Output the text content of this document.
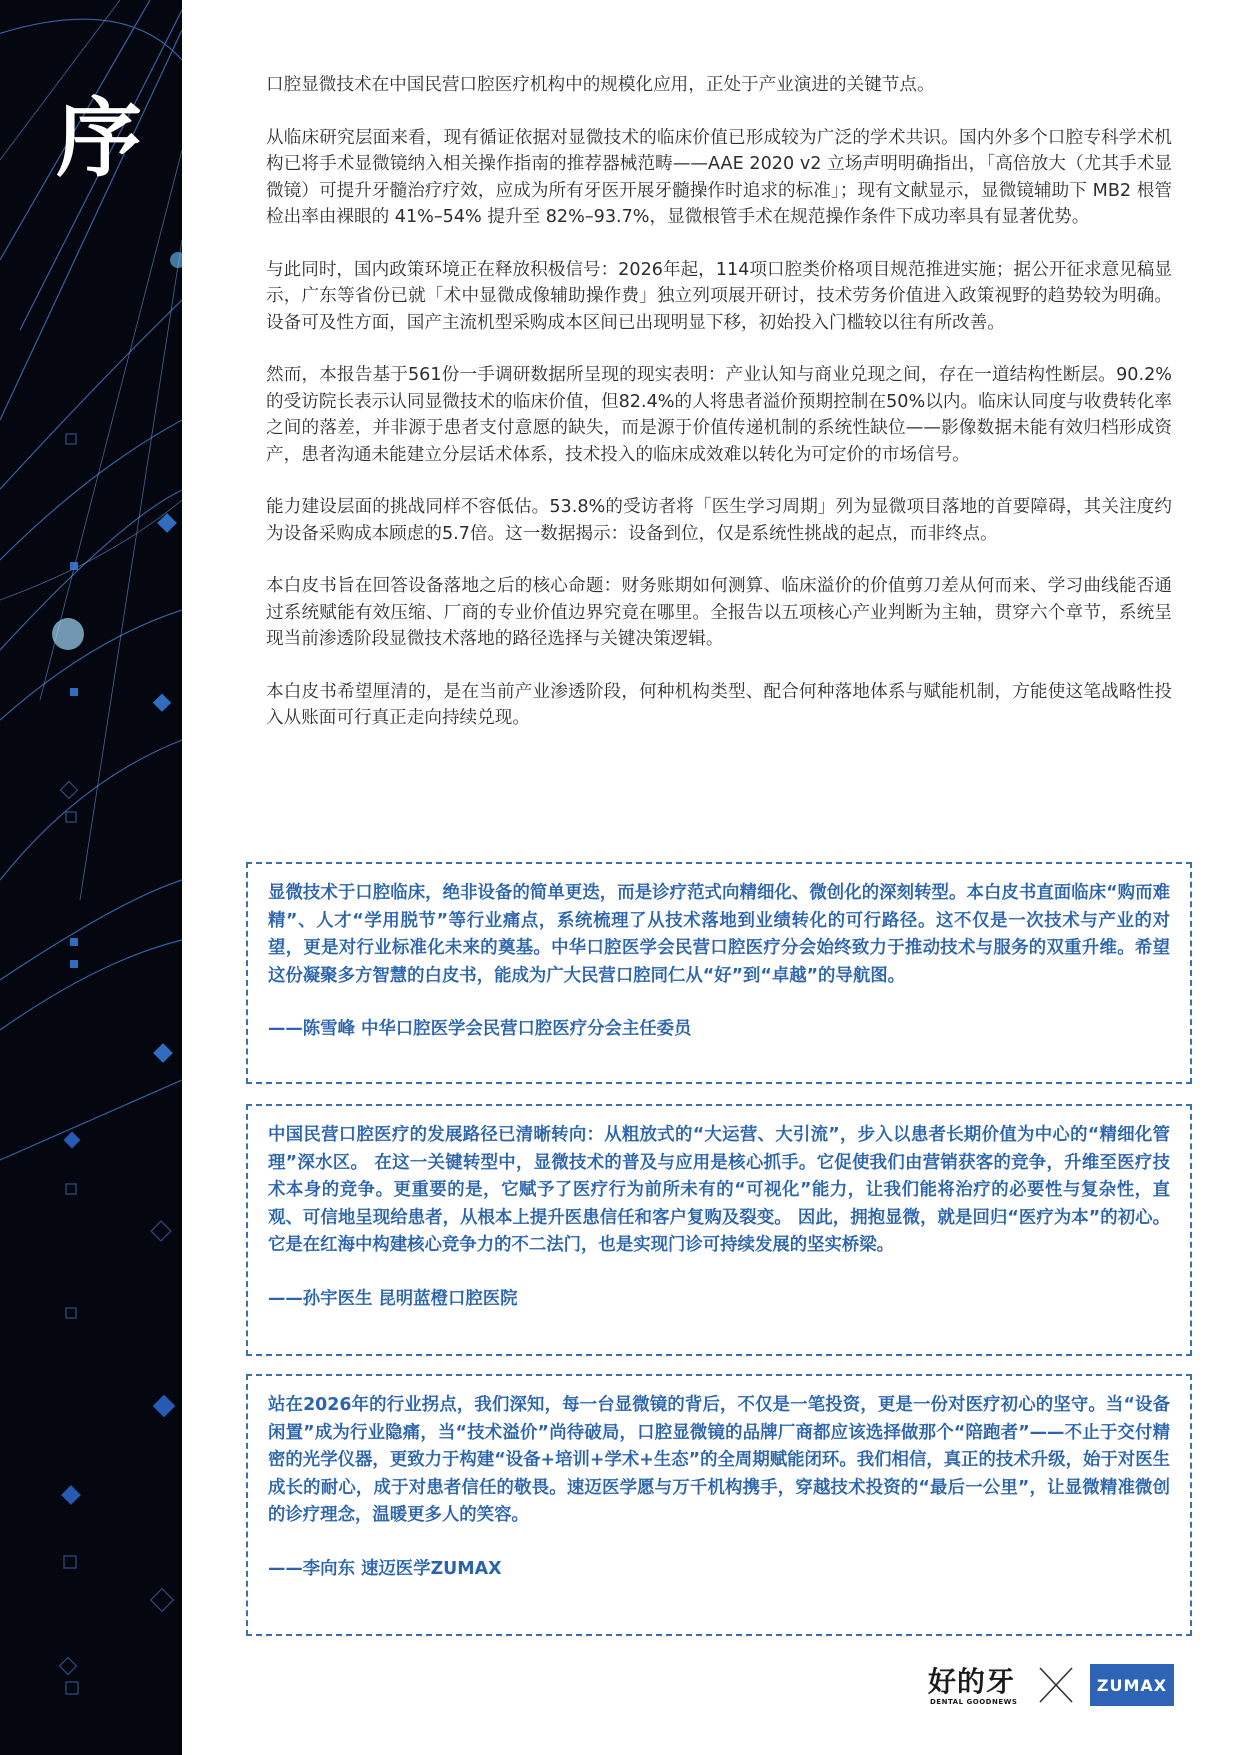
序

口腔显微技术在中国民营口腔医疗机构中的规模化应用，正处于产业演进的关键节点。

从临床研究层面来看，现有循证依据对显微技术的临床价值已形成较为广泛的学术共识。国内外多个口腔专科学术机构已将手术显微镜纳入相关操作指南的推荐器械范畴——AAE 2020 v2 立场声明明确指出，「高倍放大（尤其手术显微镜）可提升牙髓治疗疗效，应成为所有牙医开展牙髓操作时追求的标准」；现有文献显示，显微镜辅助下 MB2 根管检出率由裸眼的 41%–54% 提升至 82%–93.7%，显微根管手术在规范操作条件下成功率具有显著优势。

与此同时，国内政策环境正在释放积极信号：2026年起，114项口腔类价格项目规范推进实施；据公开征求意见稿显示，广东等省份已就「术中显微成像辅助操作费」独立列项展开研讨，技术劳务价值进入政策视野的趋势较为明确。设备可及性方面，国产主流机型采购成本区间已出现明显下移，初始投入门槛较以往有所改善。

然而，本报告基于561份一手调研数据所呈现的现实表明：产业认知与商业兑现之间，存在一道结构性断层。90.2%的受访院长表示认同显微技术的临床价值，但82.4%的人将患者溢价预期控制在50%以内。临床认同度与收费转化率之间的落差，并非源于患者支付意愿的缺失，而是源于价值传递机制的系统性缺位——影像数据未能有效归档形成资产，患者沟通未能建立分层话术体系，技术投入的临床成效难以转化为可定价的市场信号。

能力建设层面的挑战同样不容低估。53.8%的受访者将「医生学习周期」列为显微项目落地的首要障碍，其关注度约为设备采购成本顾虑的5.7倍。这一数据揭示：设备到位，仅是系统性挑战的起点，而非终点。

本白皮书旨在回答设备落地之后的核心命题：财务账期如何测算、临床溢价的价值剪刀差从何而来、学习曲线能否通过系统赋能有效压缩、厂商的专业价值边界究竟在哪里。全报告以五项核心产业判断为主轴，贯穿六个章节，系统呈现当前渗透阶段显微技术落地的路径选择与关键决策逻辑。

本白皮书希望厘清的，是在当前产业渗透阶段，何种机构类型、配合何种落地体系与赋能机制，方能使这笔战略性投入从账面可行真正走向持续兑现。

显微技术于口腔临床，绝非设备的简单更迭，而是诊疗范式向精细化、微创化的深刻转型。本白皮书直面临床“购而难精”、人才“学用脱节”等行业痛点，系统梳理了从技术落地到业绩转化的可行路径。这不仅是一次技术与产业的对望，更是对行业标准化未来的奠基。中华口腔医学会民营口腔医疗分会始终致力于推动技术与服务的双重升维。希望这份凝聚多方智慧的白皮书，能成为广大民营口腔同仁从“好”到“卓越”的导航图。

——陈雪峰 中华口腔医学会民营口腔医疗分会主任委员

中国民营口腔医疗的发展路径已清晰转向：从粗放式的“大运营、大引流”，步入以患者长期价值为中心的“精细化管理”深水区。 在这一关键转型中，显微技术的普及与应用是核心抓手。它促使我们由营销获客的竞争，升维至医疗技术本身的竞争。更重要的是，它赋予了医疗行为前所未有的“可视化”能力，让我们能将治疗的必要性与复杂性，直观、可信地呈现给患者，从根本上提升医患信任和客户复购及裂变。 因此，拥抱显微，就是回归“医疗为本”的初心。它是在红海中构建核心竞争力的不二法门，也是实现门诊可持续发展的坚实桥梁。

——孙宇医生 昆明蓝橙口腔医院

站在2026年的行业拐点，我们深知，每一台显微镜的背后，不仅是一笔投资，更是一份对医疗初心的坚守。当“设备闲置”成为行业隐痛，当“技术溢价”尚待破局，口腔显微镜的品牌厂商都应该选择做那个“陪跑者”——不止于交付精密的光学仪器，更致力于构建“设备+培训+学术+生态”的全周期赋能闭环。我们相信，真正的技术升级，始于对医生成长的耐心，成于对患者信任的敬畏。速迈医学愿与万千机构携手，穿越技术投资的“最后一公里”，让显微精准微创的诊疗理念，温暖更多人的笑容。

——李向东 速迈医学ZUMAX

好的牙
DENTAL GOODNEWS
ZUMAX
